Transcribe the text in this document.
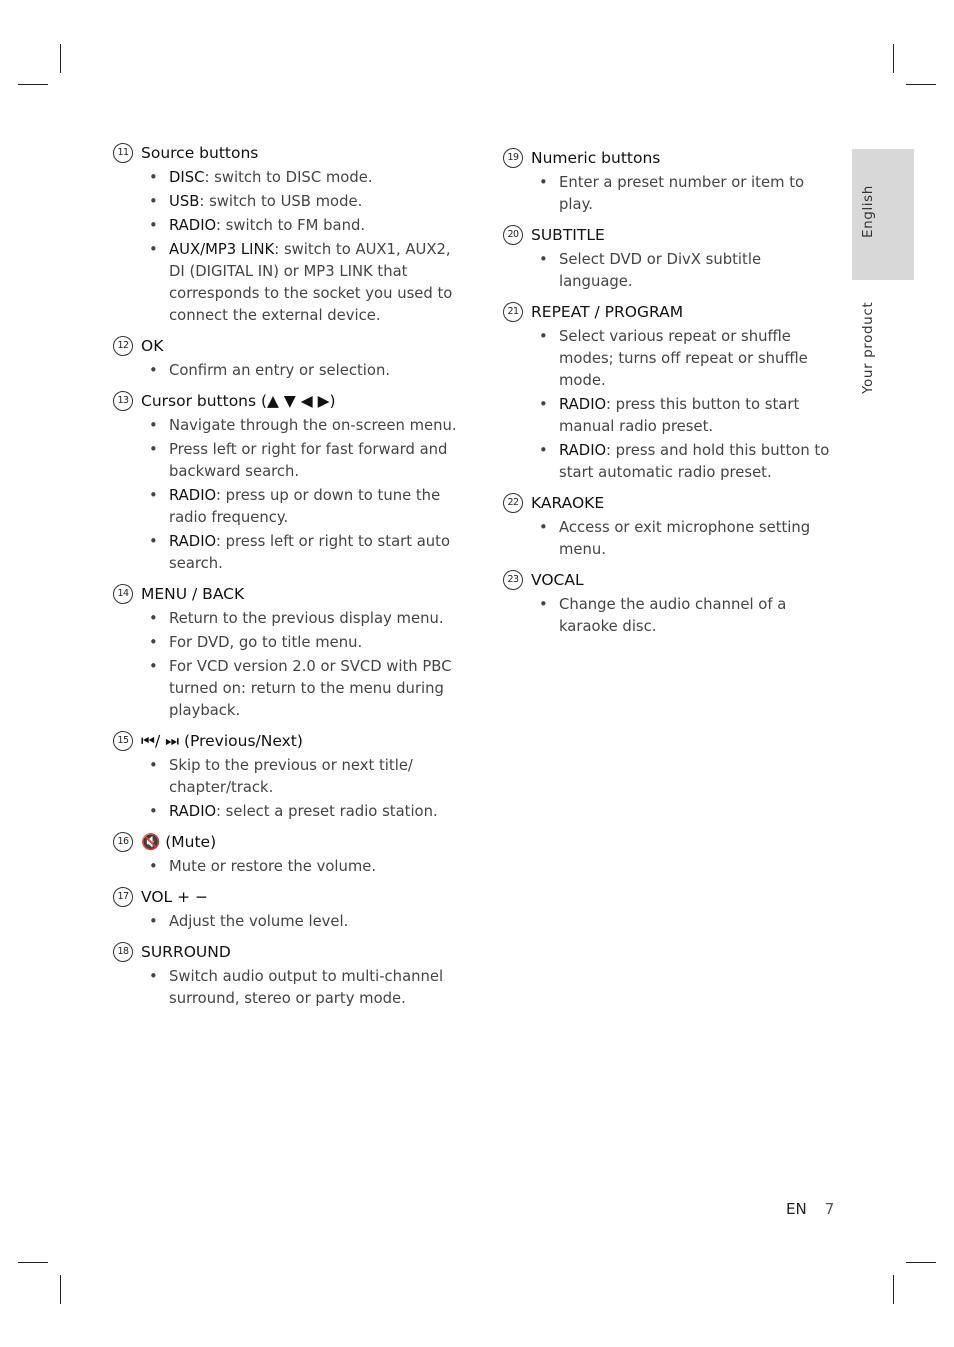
English
Your product
11 Source buttons
• DISC: switch to DISC mode.
• USB: switch to USB mode.
• RADIO: switch to FM band.
• AUX/MP3 LINK: switch to AUX1, AUX2, DI (DIGITAL IN) or MP3 LINK that corresponds to the socket you used to connect the external device.
12 OK
• Confirm an entry or selection.
13 Cursor buttons (▲ ▼ ◀ ▶)
• Navigate through the on-screen menu.
• Press left or right for fast forward and backward search.
• RADIO: press up or down to tune the radio frequency.
• RADIO: press left or right to start auto search.
14 MENU / BACK
• Return to the previous display menu.
• For DVD, go to title menu.
• For VCD version 2.0 or SVCD with PBC turned on: return to the menu during playback.
15 ⏮/ ⏭ (Previous/Next)
• Skip to the previous or next title/ chapter/track.
• RADIO: select a preset radio station.
16 🔇 (Mute)
• Mute or restore the volume.
17 VOL + −
• Adjust the volume level.
18 SURROUND
• Switch audio output to multi-channel surround, stereo or party mode.
19 Numeric buttons
• Enter a preset number or item to play.
20 SUBTITLE
• Select DVD or DivX subtitle language.
21 REPEAT / PROGRAM
• Select various repeat or shuffle modes; turns off repeat or shuffle mode.
• RADIO: press this button to start manual radio preset.
• RADIO: press and hold this button to start automatic radio preset.
22 KARAOKE
• Access or exit microphone setting menu.
23 VOCAL
• Change the audio channel of a karaoke disc.
EN 7
